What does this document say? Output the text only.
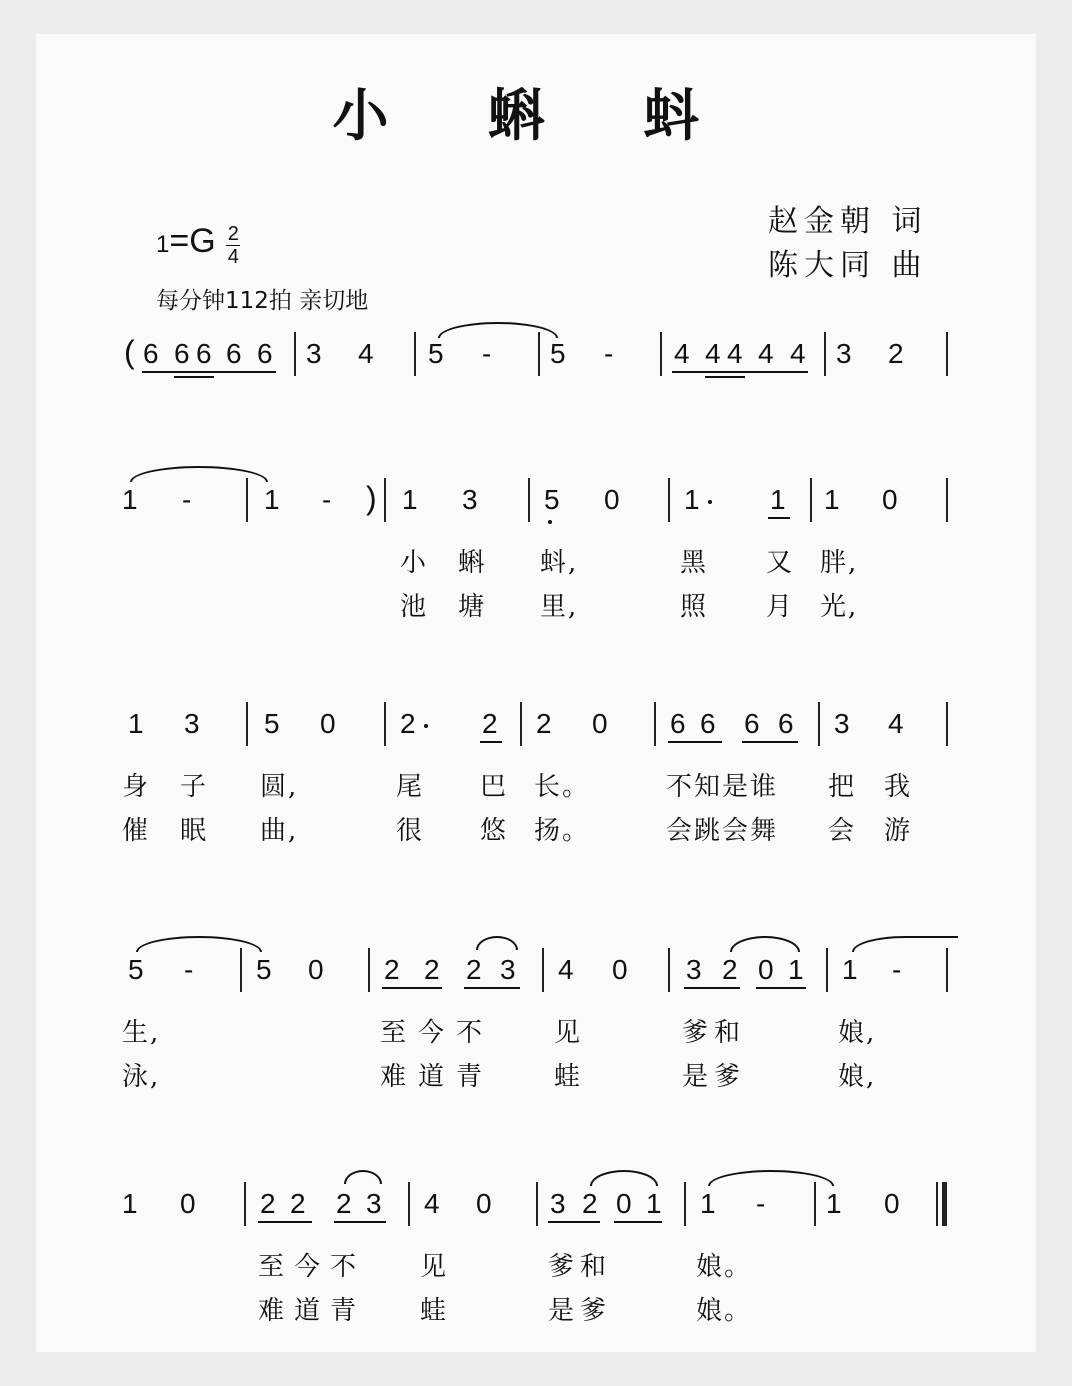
小 蝌 蚪
赵金朝 词
陈大同 曲
$1=G \frac{2}{4}$
每分钟112拍 亲切地
( 6 6 6 6 6 3 4 5 - 5 - 4 4 4 4 4 3 2
1 -	1 - ) 1 3 5 0 1	1 1 0
小 蝌 蚪,	黑 又 胖,
池 塘 里,	照 月 光,
1 3 5 0 2 2 2 0 6 6 6 6 3 4
身 子 圆,	尾 巴 长。	不知是谁 把 我
催 眠 曲,	很 悠 扬。	会跳会舞 会 游
5 - 5 0 2 2 2 3 4 0 3 2 0 1 1 -
生,	至今不 见	爹和	娘,
泳,	难道青 蛙	是爹	娘,
1 0 2 2 2 3 4 0 3 2 0 1 1 - 1 0
至今不 见	爹和	娘。
难道青 蛙	是爹	娘。
